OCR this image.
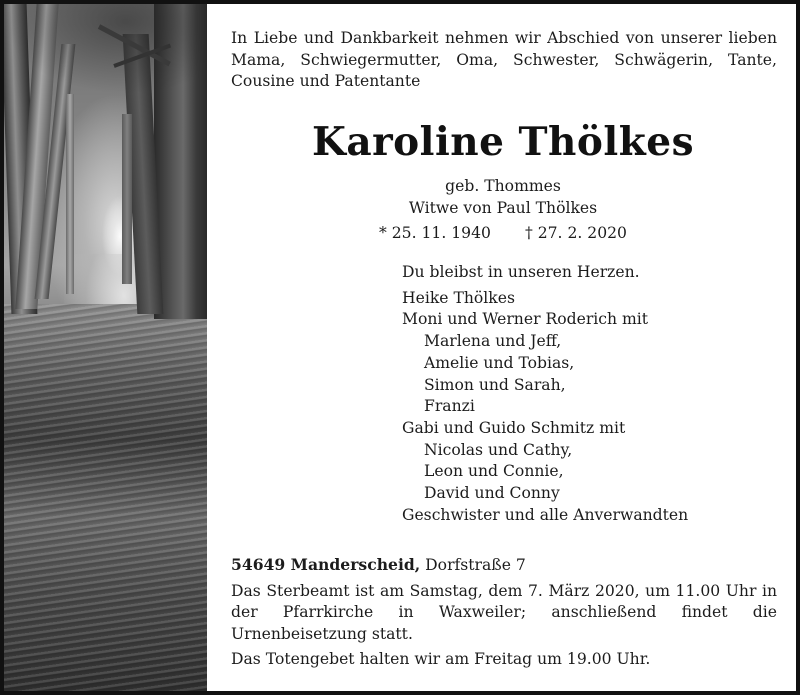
In Liebe und Dankbarkeit nehmen wir Abschied von unserer lieben Mama, Schwiegermutter, Oma, Schwester, Schwägerin, Tante, Cousine und Patentante

Karoline Thölkes

geb. Thommes

Witwe von Paul Thölkes

* 25. 11. 1940 † 27. 2. 2020

Du bleibst in unseren Herzen.
Heike Thölkes
Moni und Werner Roderich mit
Marlena und Jeff,
Amelie und Tobias,
Simon und Sarah,
Franzi
Gabi und Guido Schmitz mit
Nicolas und Cathy,
Leon und Connie,
David und Conny
Geschwister und alle Anverwandten

54649 Manderscheid, Dorfstraße 7

Das Sterbeamt ist am Samstag, dem 7. März 2020, um 11.00 Uhr in der Pfarrkirche in Waxweiler; anschließend findet die Urnenbeisetzung statt.

Das Totengebet halten wir am Freitag um 19.00 Uhr.
